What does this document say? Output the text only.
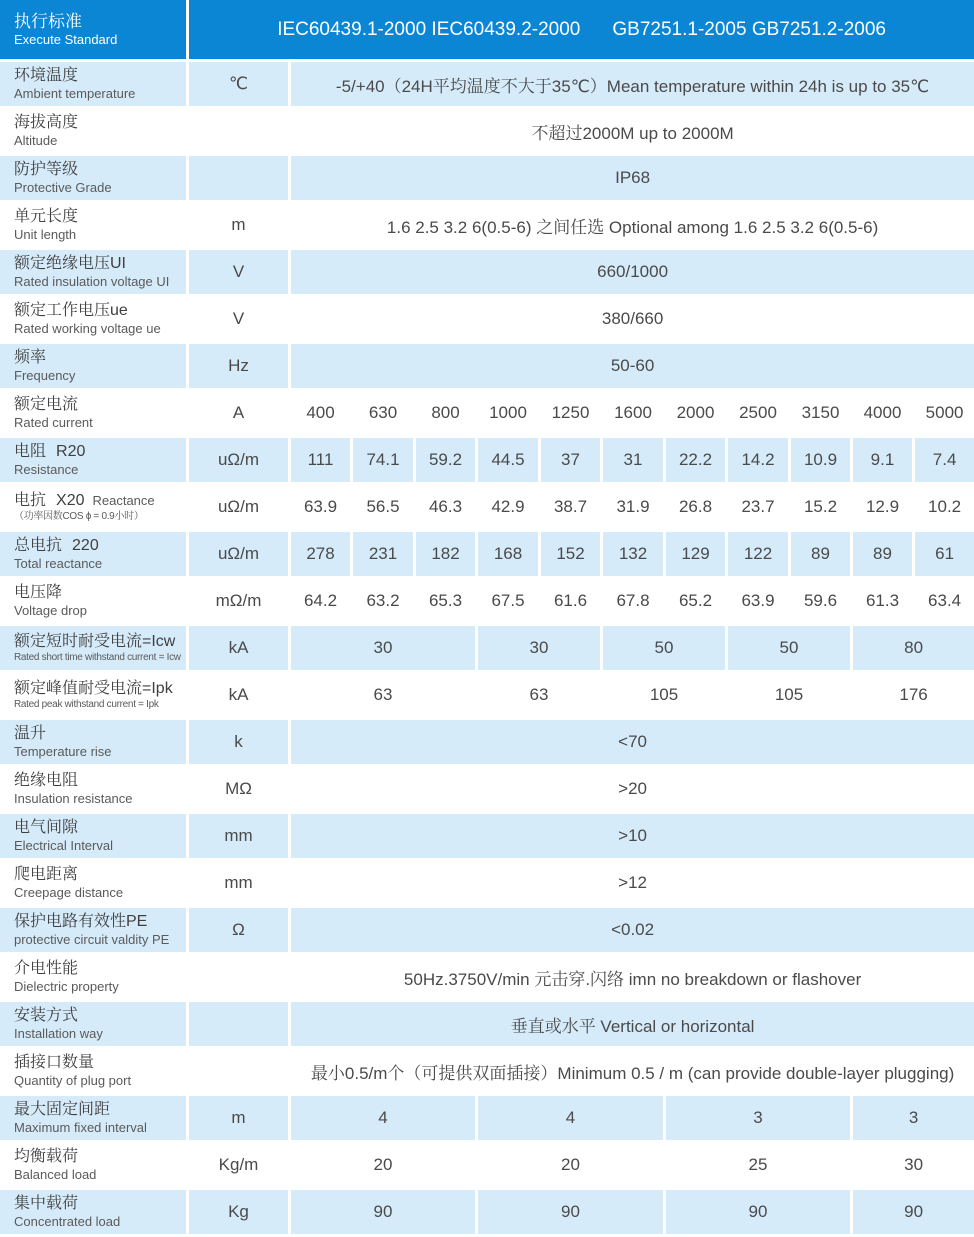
执行标准
Execute Standard	IEC60439.1-2000 IEC60439.2-2000 GB7251.1-2005 GB7251.2-2006											

环境温度
Ambient temperature	℃	-5/+40（24H平均温度不大于35℃）Mean temperature within 24h is up to 35℃										

海拔高度
Altitude		不超过2000M up to 2000M										

防护等级
Protective Grade		IP68										

单元长度
Unit length	m	1.6 2.5 3.2 6(0.5-6) 之间任选 Optional among 1.6 2.5 3.2 6(0.5-6)										

额定绝缘电压UI
Rated insulation voltage UI	V	660/1000										

额定工作电压ue
Rated working voltage ue	V	380/660										

频率
Frequency	Hz	50-60										

额定电流
Rated current	A	400	630	800	1000	1250	1600	2000	2500	3150	4000	5000

电阻 R20
Resistance	uΩ/m	111	74.1	59.2	44.5	37	31	22.2	14.2	10.9	9.1	7.4

电抗 X20 Reactance
（功率因数COS ɸ = 0.9小时）	uΩ/m	63.9	56.5	46.3	42.9	38.7	31.9	26.8	23.7	15.2	12.9	10.2

总电抗 220
Total reactance	uΩ/m	278	231	182	168	152	132	129	122	89	89	61

电压降
Voltage drop	mΩ/m	64.2	63.2	65.3	67.5	61.6	67.8	65.2	63.9	59.6	61.3	63.4

额定短时耐受电流=Icw
Rated short time withstand current = Icw	kA	30			30		50		50		80	

额定峰值耐受电流=Ipk
Rated peak withstand current = Ipk	kA	63			63		105		105		176	

温升
Temperature rise	k	<70										

绝缘电阻
Insulation resistance	MΩ	>20										

电气间隙
Electrical Interval	mm	>10										

爬电距离
Creepage distance	mm	>12										

保护电路有效性PE
protective circuit valdity PE	Ω	<0.02										

介电性能
Dielectric property		50Hz.3750V/min 元击穿.闪络 imn no breakdown or flashover										

安装方式
Installation way		垂直或水平 Vertical or horizontal										

插接口数量
Quantity of plug port		最小0.5/m个（可提供双面插接）Minimum 0.5 / m (can provide double-layer plugging)										

最大固定间距
Maximum fixed interval	m	4			4			3			3	

均衡载荷
Balanced load	Kg/m	20			20			25			30	

集中载荷
Concentrated load	Kg	90			90			90			90	
